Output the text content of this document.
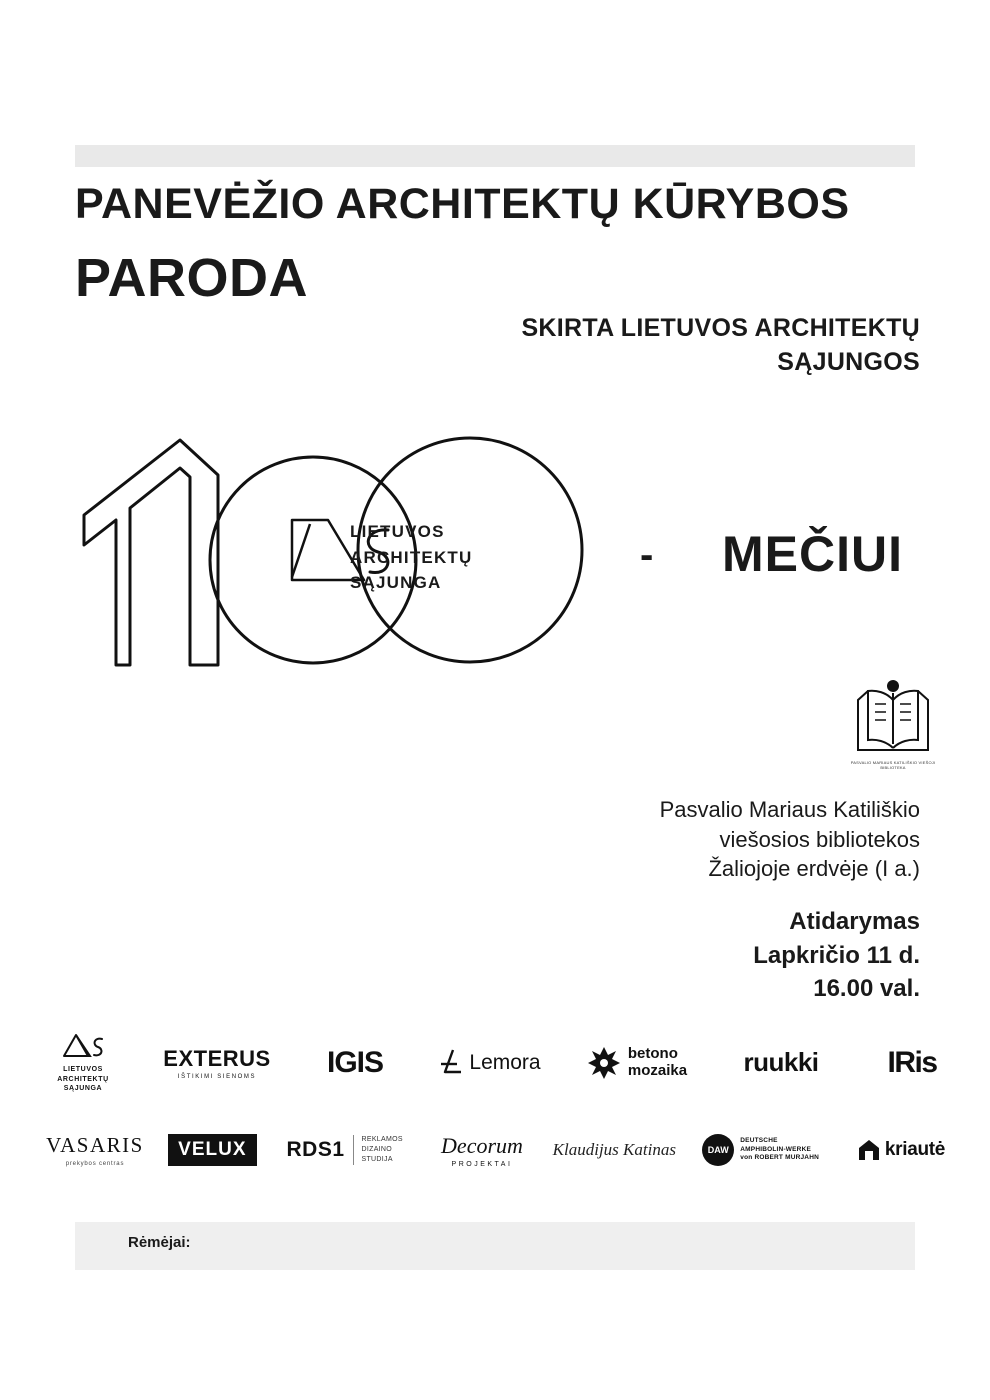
PANEVĖŽIO ARCHITEKTŲ KŪRYBOS
PARODA
SKIRTA LIETUVOS ARCHITEKTŲ SĄJUNGOS
LIETUVOS
ARCHITEKTŲ
SĄJUNGA
- MEČIUI
PASVALIO MARIAUS KATILIŠKIO VIEŠOJI BIBLIOTEKA
Pasvalio Mariaus Katiliškio
viešosios bibliotekos
Žaliojoje erdvėje (I a.)
Atidarymas
Lapkričio 11 d.
16.00 val.
LIETUVOS
ARCHITEKTŲ
SĄJUNGA
EXTERUS
IŠTIKIMI SIENOMS	IGIS	Lemora	betono
mozaika	ruukki	IRis
VASARIS
prekybos centras
VELUX	RDS1 REKLAMOS
DIZAINO
STUDIJA
Decorum
PROJEKTAI
Klaudijus Katinas	DAW
DEUTSCHE
AMPHIBOLIN-WERKE
von ROBERT MURJAHN	kriautė
Rėmėjai:
